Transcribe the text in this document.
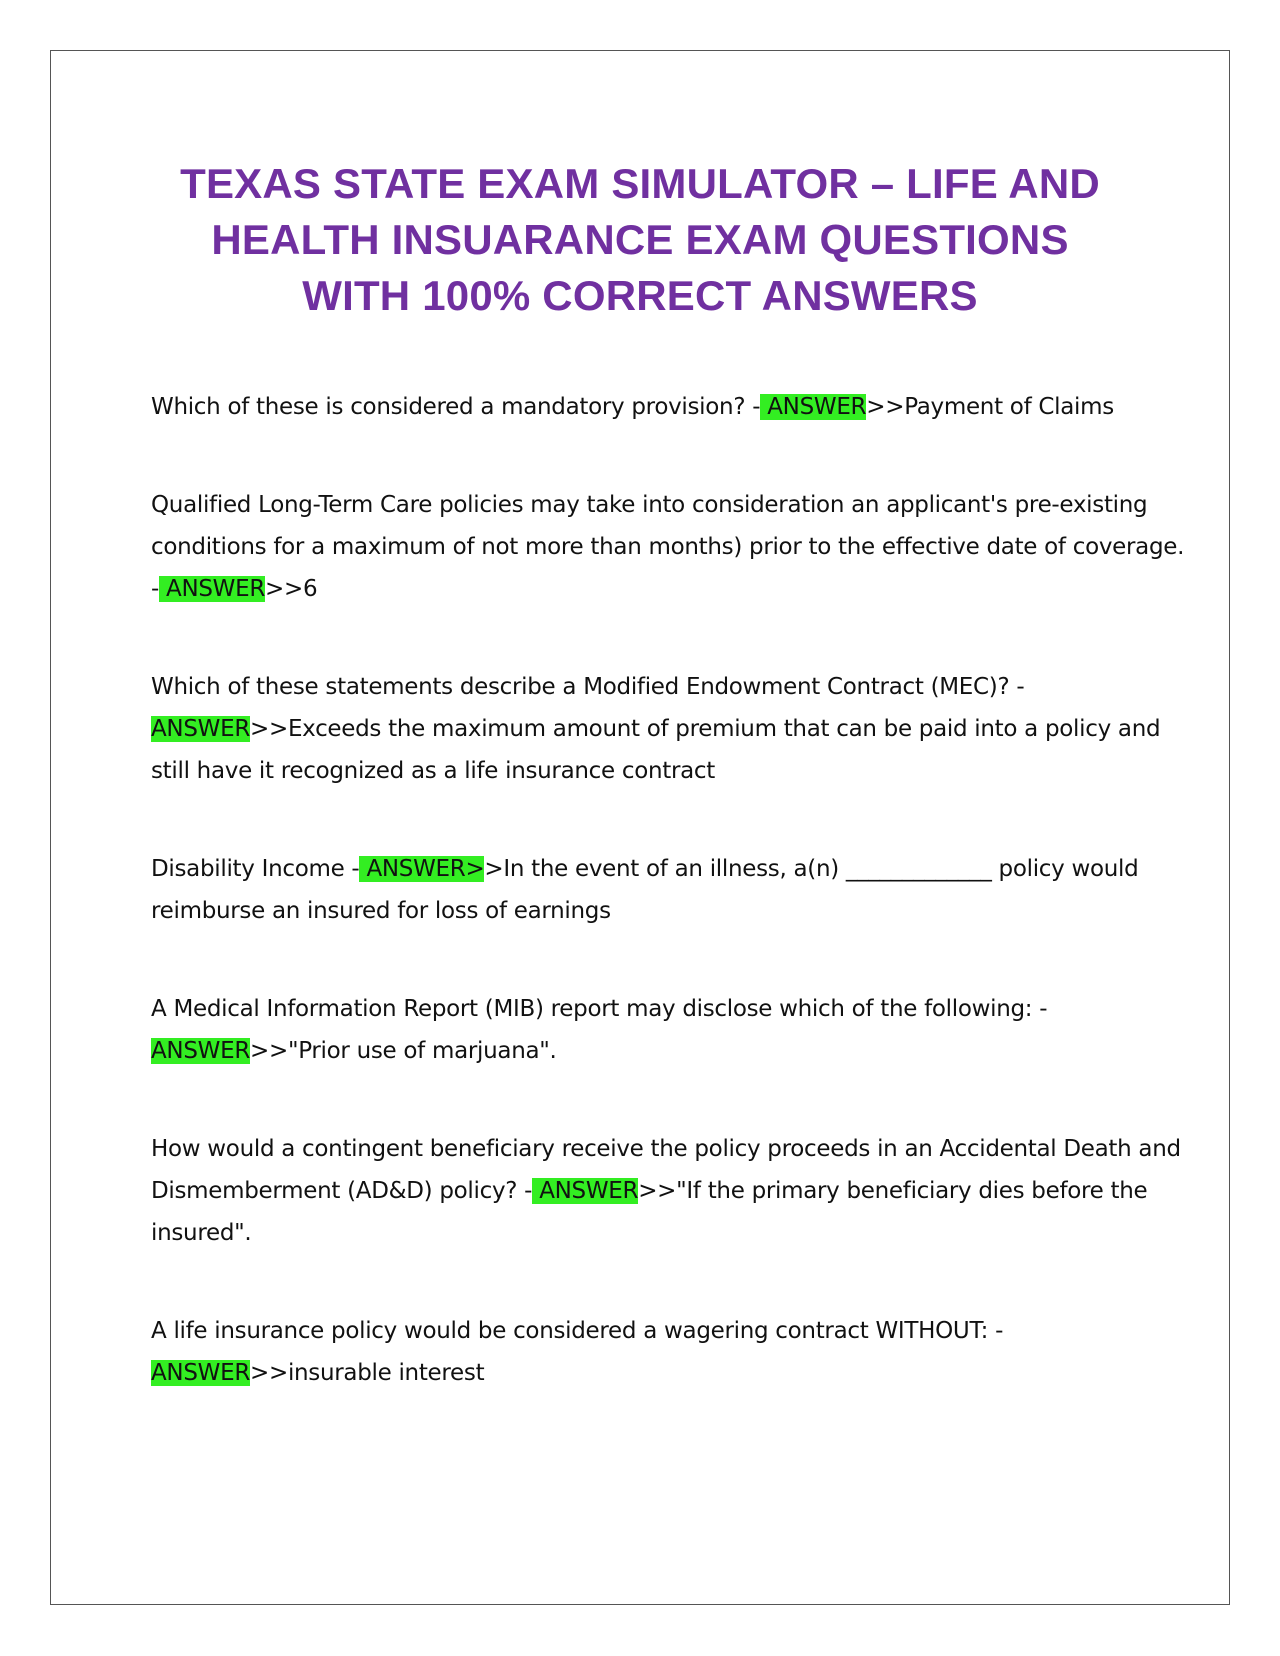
TEXAS STATE EXAM SIMULATOR – LIFE AND
HEALTH INSUARANCE EXAM QUESTIONS
WITH 100% CORRECT ANSWERS
Which of these is considered a mandatory provision? - ANSWER>>Payment of Claims
Qualified Long-Term Care policies may take into consideration an applicant's pre-existing conditions for a maximum of not more than months) prior to the effective date of coverage. - ANSWER>>6
Which of these statements describe a Modified Endowment Contract (MEC)? - ANSWER>>Exceeds the maximum amount of premium that can be paid into a policy and still have it recognized as a life insurance contract
Disability Income - ANSWER>>In the event of an illness, a(n) _____________ policy would reimburse an insured for loss of earnings
A Medical Information Report (MIB) report may disclose which of the following: - ANSWER>>"Prior use of marjuana".
How would a contingent beneficiary receive the policy proceeds in an Accidental Death and Dismemberment (AD&D) policy? - ANSWER>>"If the primary beneficiary dies before the insured".
A life insurance policy would be considered a wagering contract WITHOUT: - ANSWER>>insurable interest
